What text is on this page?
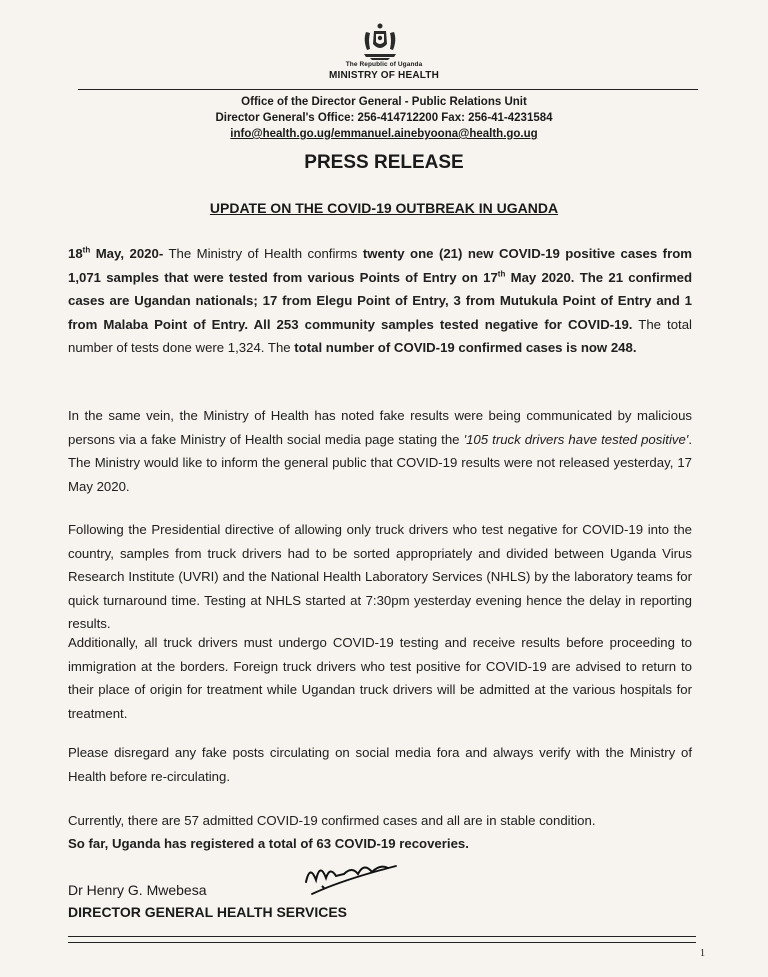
The Republic of Uganda
MINISTRY OF HEALTH
Office of the Director General - Public Relations Unit
Director General's Office: 256-414712200 Fax: 256-41-4231584
info@health.go.ug/emmanuel.ainebyoona@health.go.ug
PRESS RELEASE
UPDATE ON THE COVID-19 OUTBREAK IN UGANDA
18th May, 2020- The Ministry of Health confirms twenty one (21) new COVID-19 positive cases from 1,071 samples that were tested from various Points of Entry on 17th May 2020. The 21 confirmed cases are Ugandan nationals; 17 from Elegu Point of Entry, 3 from Mutukula Point of Entry and 1 from Malaba Point of Entry. All 253 community samples tested negative for COVID-19. The total number of tests done were 1,324. The total number of COVID-19 confirmed cases is now 248.
In the same vein, the Ministry of Health has noted fake results were being communicated by malicious persons via a fake Ministry of Health social media page stating the '105 truck drivers have tested positive'. The Ministry would like to inform the general public that COVID-19 results were not released yesterday, 17 May 2020.
Following the Presidential directive of allowing only truck drivers who test negative for COVID-19 into the country, samples from truck drivers had to be sorted appropriately and divided between Uganda Virus Research Institute (UVRI) and the National Health Laboratory Services (NHLS) by the laboratory teams for quick turnaround time. Testing at NHLS started at 7:30pm yesterday evening hence the delay in reporting results.
Additionally, all truck drivers must undergo COVID-19 testing and receive results before proceeding to immigration at the borders. Foreign truck drivers who test positive for COVID-19 are advised to return to their place of origin for treatment while Ugandan truck drivers will be admitted at the various hospitals for treatment.
Please disregard any fake posts circulating on social media fora and always verify with the Ministry of Health before re-circulating.
Currently, there are 57 admitted COVID-19 confirmed cases and all are in stable condition.
So far, Uganda has registered a total of 63 COVID-19 recoveries.
Dr Henry G. Mwebesa
DIRECTOR GENERAL HEALTH SERVICES
1
